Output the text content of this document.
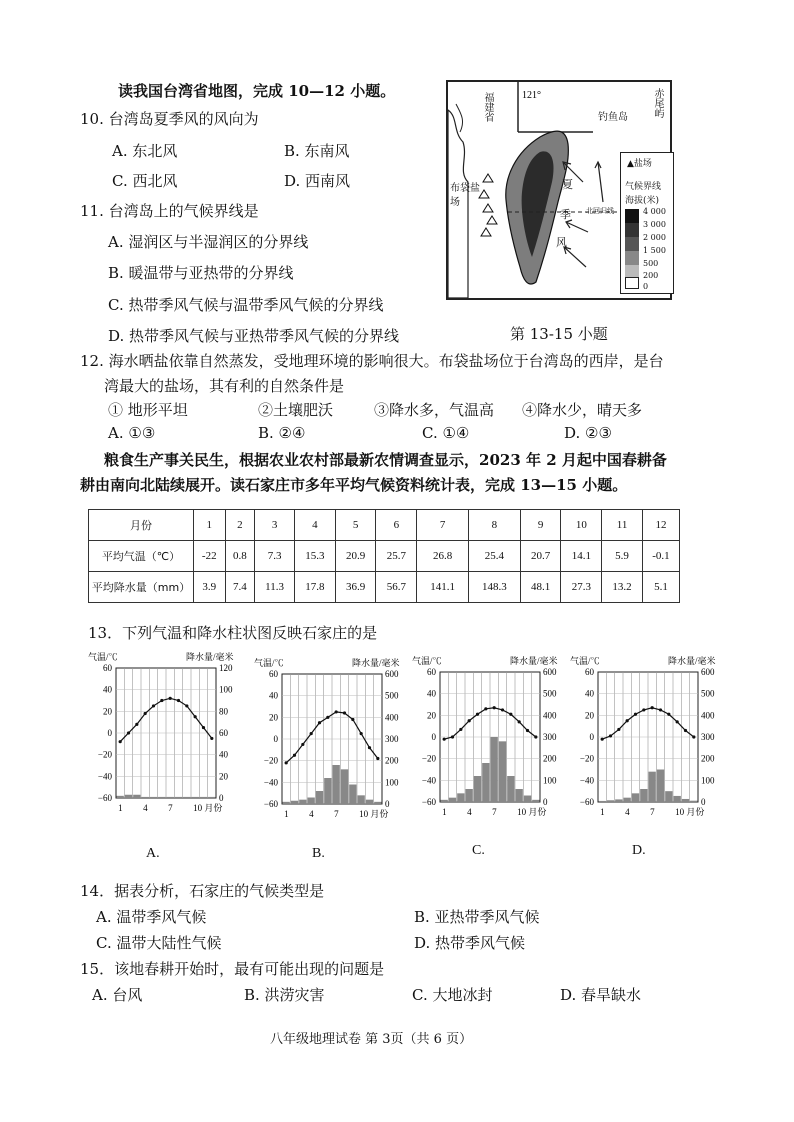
读我国台湾省地图，完成 10—12 小题。
10. 台湾岛夏季风的风向为
A. 东北风	B. 东南风
C. 西北风	D. 西南风
11. 台湾岛上的气候界线是
A. 湿润区与半湿润区的分界线
B. 暖温带与亚热带的分界线
C. 热带季风气候与温带季风气候的分界线
D. 热带季风气候与亚热带季风气候的分界线
121°
福建省	钓鱼岛 赤尾屿
布袋盐场
夏
季
风
北回归线
▲盐场
气候界线
海拔(米)
4 000
3 000
2 000
1 500
500
200
0
第 13-15 小题
12. 海水晒盐依靠自然蒸发，受地理环境的影响很大。布袋盐场位于台湾岛的西岸，是台
湾最大的盐场，其有利的自然条件是
① 地形平坦	②土壤肥沃	③降水多，气温高 ④降水少，晴天多
A. ①③	B. ②④	C. ①④	D. ②③
粮食生产事关民生，根据农业农村部最新农情调查显示，2023 年 2 月起中国春耕备
耕由南向北陆续展开。读石家庄市多年平均气候资料统计表，完成 13—15 小题。
月份	1	2	3	4	5	6	7	8	9	10	11	12
平均气温（℃）	-22	0.8	7.3	15.3	20.9	25.7	26.8	25.4	20.7	14.1	5.9	-0.1
平均降水量（mm）	3.9	7.4	11.3	17.8	36.9	56.7	141.1	148.3	48.1	27.3	13.2	5.1
13．下列气温和降水柱状图反映石家庄的是
气温/℃	降水量/毫米
60
40
20
0
−20
−40
−60
120
100
80
60
40
20
0
1 4 7 10 月份
气温/℃	降水量/毫米
60
40
20
0
−20
−40
−60
600
500
400
300
200
100
0
1 4 7 10 月份
气温/℃	降水量/毫米
60
40
20
0
−20
−40
−60
600
500
400
300
200
100
0
1 4 7 10 月份
气温/℃	降水量/毫米
60
40
20
0
−20
−40
−60
600
500
400
300
200
100
0
1 4 7 10 月份
A.	B.	C.	D.
14．据表分析，石家庄的气候类型是
A. 温带季风气候	B. 亚热带季风气候
C. 温带大陆性气候	D. 热带季风气候
15．该地春耕开始时，最有可能出现的问题是
A. 台风	B. 洪涝灾害	C. 大地冰封	D. 春旱缺水
八年级地理试卷 第 3页（共 6 页）
